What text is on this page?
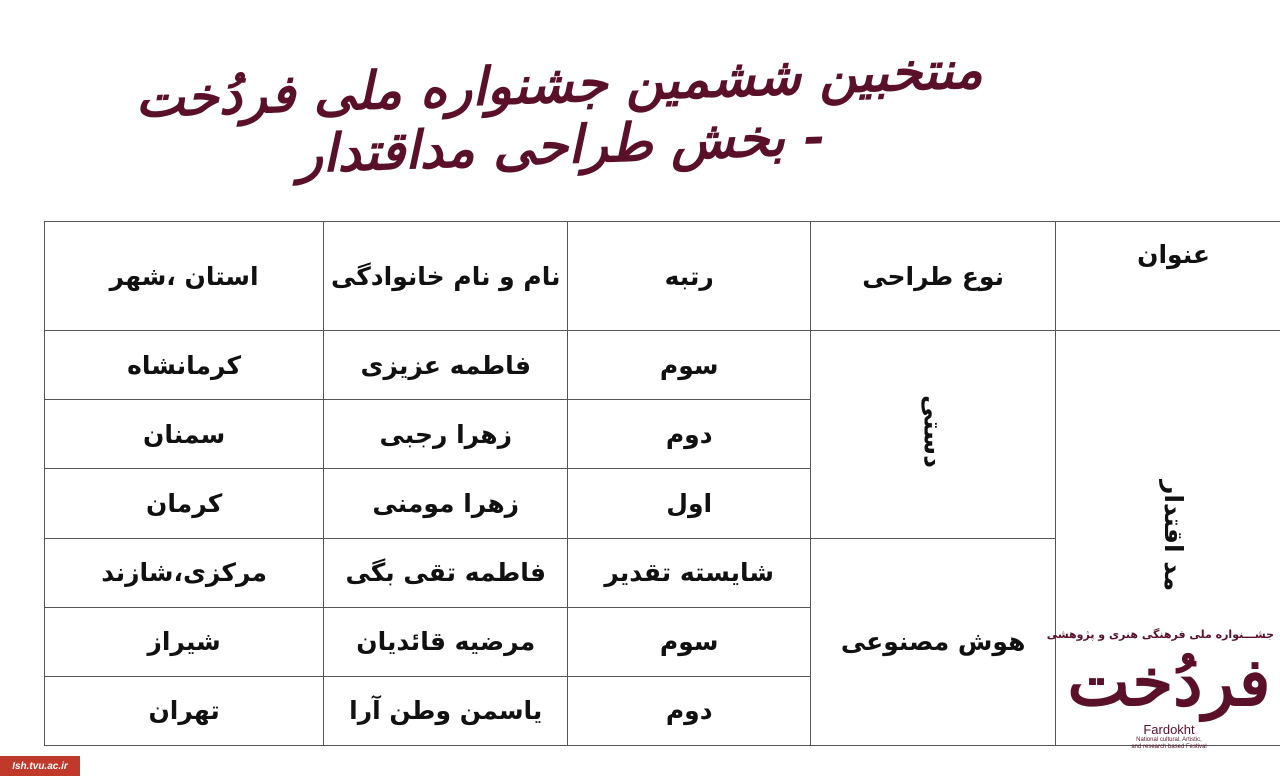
منتخبین ششمین جشنواره ملی فردُخت - بخش طراحی مداقتدار
عنوان	نوع طراحی	رتبه	نام و نام خانوادگی	استان ،شهر
مد اقتدار	دستی	سوم	فاطمه عزیزی	کرمانشاه
		دوم	زهرا رجبی	سمنان
		اول	زهرا مومنی	کرمان
	هوش مصنوعی	شایسته تقدیر	فاطمه تقی بگی	مرکزی،شازند
		سوم	مرضیه قائدیان	شیراز
		دوم	یاسمن وطن آرا	تهران
جشـــنواره ملی فرهنگی هنری و پژوهشی
فردُخت
Fardokht
National cultural, Artistic,
and research based Festival
Ish.tvu.ac.ir
